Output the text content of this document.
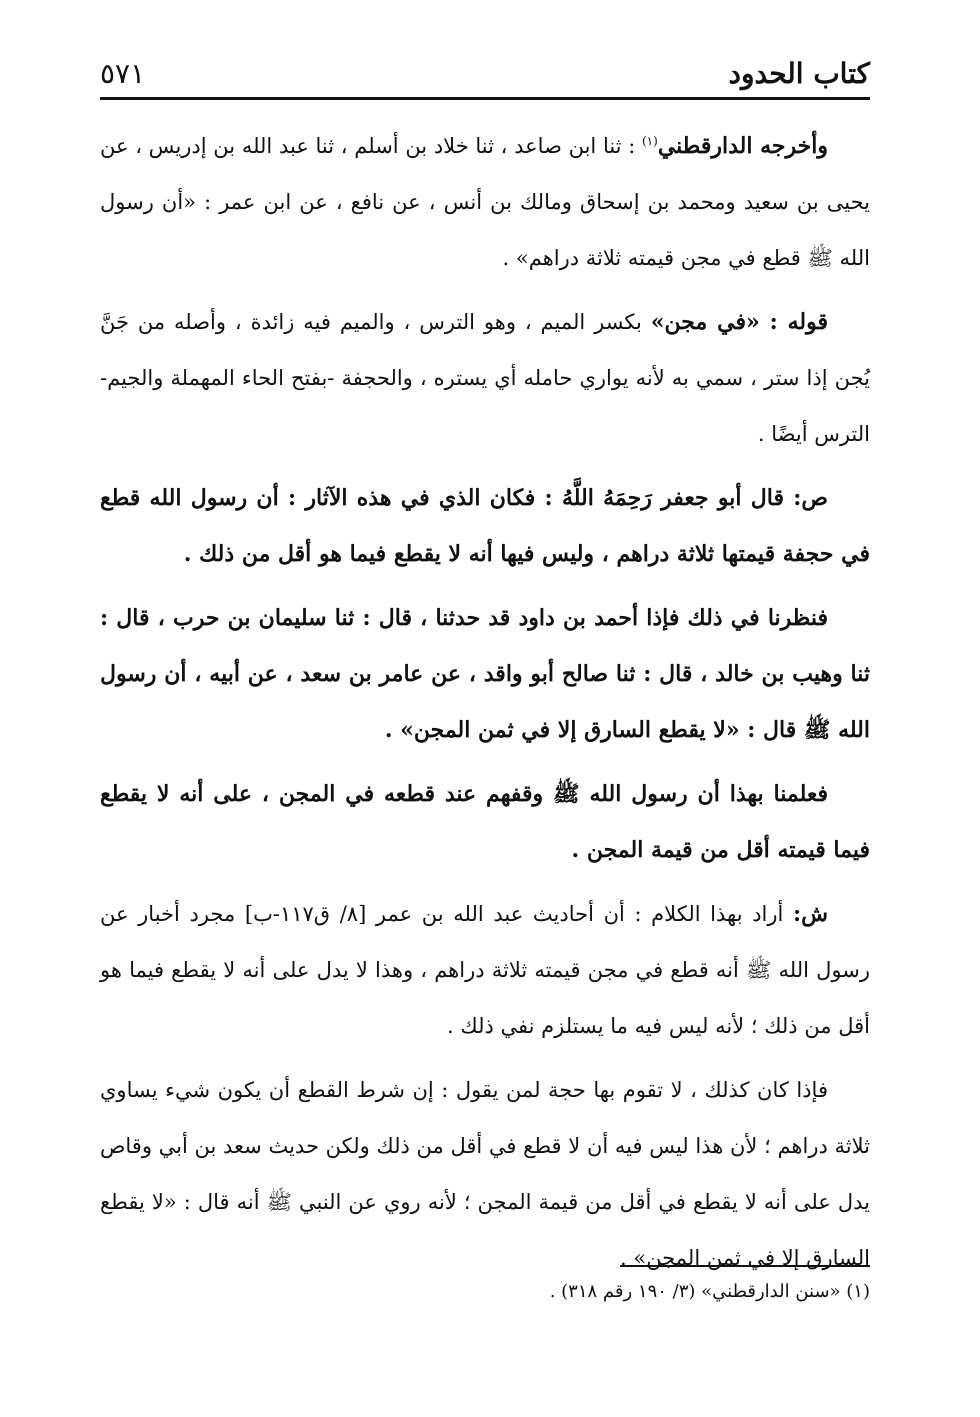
كتاب الحدود
٥٧١

وأخرجه الدارقطني$^{(١)}$ : ثنا ابن صاعد ، ثنا خلاد بن أسلم ، ثنا عبد الله بن إدريس ، عن يحيى بن سعيد ومحمد بن إسحاق ومالك بن أنس ، عن نافع ، عن ابن عمر : «أن رسول الله ﷺ قطع في مجن قيمته ثلاثة دراهم» .

قوله : «في مجن» بكسر الميم ، وهو الترس ، والميم فيه زائدة ، وأصله من جَنَّ يُجن إذا ستر ، سمي به لأنه يواري حامله أي يستره ، والحجفة -بفتح الحاء المهملة والجيم- الترس أيضًا .

ص: قال أبو جعفر رَحِمَهُ اللَّهُ : فكان الذي في هذه الآثار : أن رسول الله قطع في حجفة قيمتها ثلاثة دراهم ، وليس فيها أنه لا يقطع فيما هو أقل من ذلك .

فنظرنا في ذلك فإذا أحمد بن داود قد حدثنا ، قال : ثنا سليمان بن حرب ، قال : ثنا وهيب بن خالد ، قال : ثنا صالح أبو واقد ، عن عامر بن سعد ، عن أبيه ، أن رسول الله ﷺ قال : «لا يقطع السارق إلا في ثمن المجن» .

فعلمنا بهذا أن رسول الله ﷺ وقفهم عند قطعه في المجن ، على أنه لا يقطع فيما قيمته أقل من قيمة المجن .

ش: أراد بهذا الكلام : أن أحاديث عبد الله بن عمر [٨/ ق١١٧-ب] مجرد أخبار عن رسول الله ﷺ أنه قطع في مجن قيمته ثلاثة دراهم ، وهذا لا يدل على أنه لا يقطع فيما هو أقل من ذلك ؛ لأنه ليس فيه ما يستلزم نفي ذلك .

فإذا كان كذلك ، لا تقوم بها حجة لمن يقول : إن شرط القطع أن يكون شيء يساوي ثلاثة دراهم ؛ لأن هذا ليس فيه أن لا قطع في أقل من ذلك ولكن حديث سعد بن أبي وقاص يدل على أنه لا يقطع في أقل من قيمة المجن ؛ لأنه روي عن النبي ﷺ أنه قال : «لا يقطع السارق إلا في ثمن المجن» .

(١) «سنن الدارقطني» (٣/ ١٩٠ رقم ٣١٨) .
